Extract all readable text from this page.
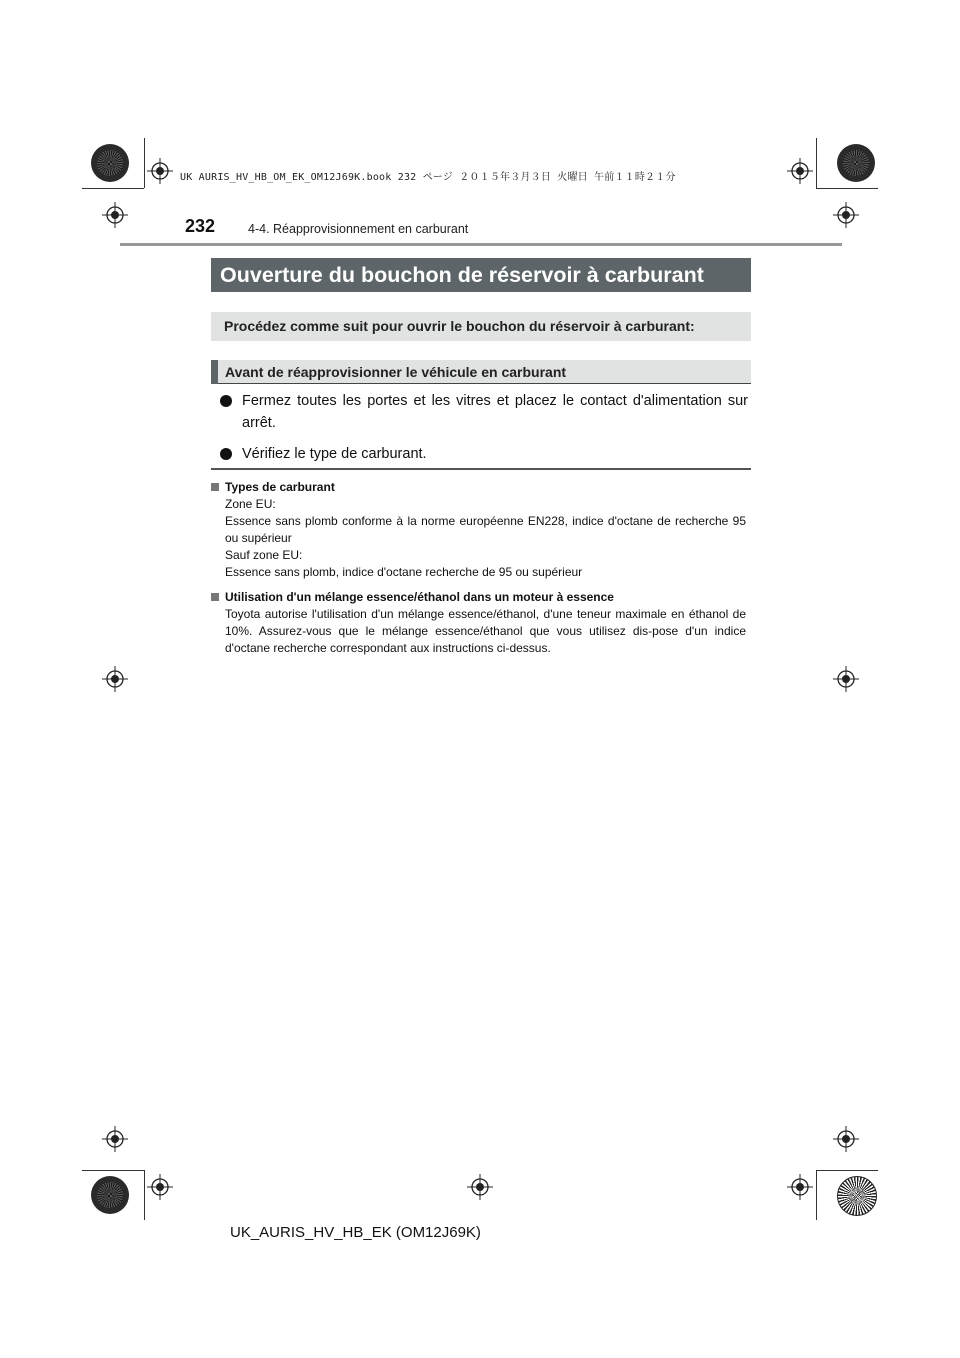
UK AURIS_HV_HB_OM_EK_OM12J69K.book 232 ページ ２０１５年３月３日 火曜日 午前１１時２１分
232	4-4. Réapprovisionnement en carburant
Ouverture du bouchon de réservoir à carburant
Procédez comme suit pour ouvrir le bouchon du réservoir à carburant:
Avant de réapprovisionner le véhicule en carburant
Fermez toutes les portes et les vitres et placez le contact d'alimentation sur arrêt.
Vérifiez le type de carburant.
Types de carburant
Zone EU:
Essence sans plomb conforme à la norme européenne EN228, indice d'octane de recherche 95 ou supérieur
Sauf zone EU:
Essence sans plomb, indice d'octane recherche de 95 ou supérieur
Utilisation d'un mélange essence/éthanol dans un moteur à essence
Toyota autorise l'utilisation d'un mélange essence/éthanol, d'une teneur maximale en éthanol de 10%. Assurez-vous que le mélange essence/éthanol que vous utilisez dis-pose d'un indice d'octane recherche correspondant aux instructions ci-dessus.
UK_AURIS_HV_HB_EK (OM12J69K)
